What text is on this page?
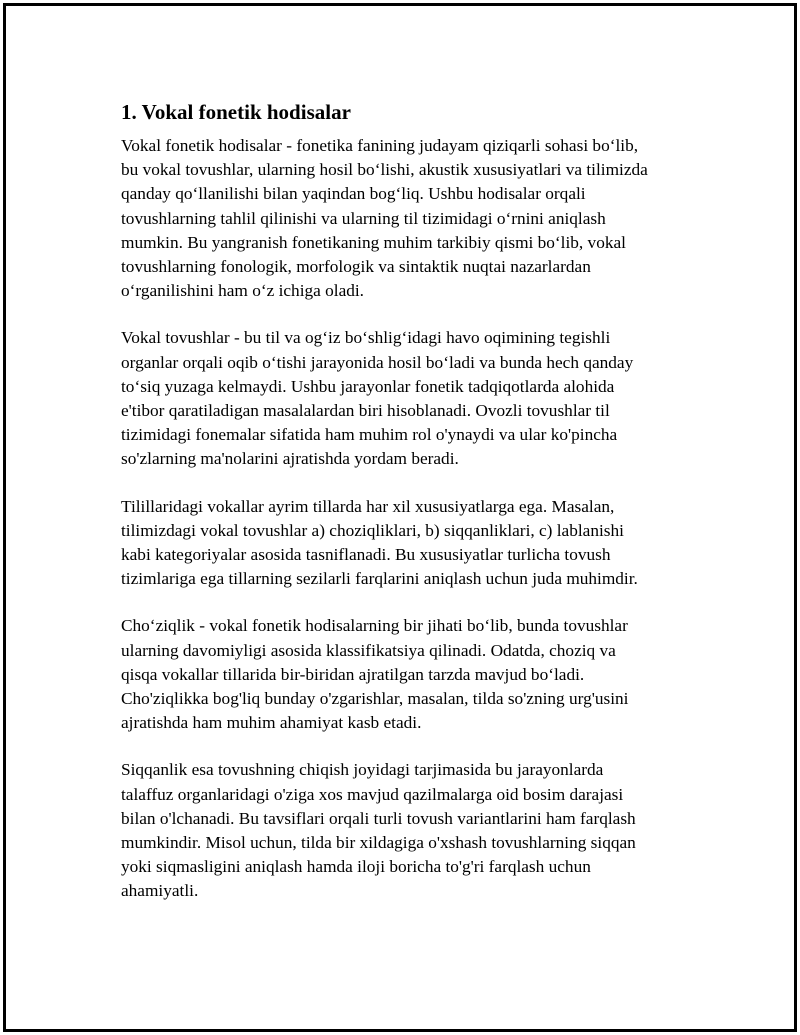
1. Vokal fonetik hodisalar

Vokal fonetik hodisalar - fonetika fanining judayam qiziqarli sohasi bo‘lib,
bu vokal tovushlar, ularning hosil bo‘lishi, akustik xususiyatlari va tilimizda
qanday qo‘llanilishi bilan yaqindan bog‘liq. Ushbu hodisalar orqali
tovushlarning tahlil qilinishi va ularning til tizimidagi o‘rnini aniqlash
mumkin. Bu yangranish fonetikaning muhim tarkibiy qismi bo‘lib, vokal
tovushlarning fonologik, morfologik va sintaktik nuqtai nazarlardan
o‘rganilishini ham o‘z ichiga oladi.

Vokal tovushlar - bu til va og‘iz bo‘shlig‘idagi havo oqimining tegishli
organlar orqali oqib o‘tishi jarayonida hosil bo‘ladi va bunda hech qanday
to‘siq yuzaga kelmaydi. Ushbu jarayonlar fonetik tadqiqotlarda alohida
e'tibor qaratiladigan masalalardan biri hisoblanadi. Ovozli tovushlar til
tizimidagi fonemalar sifatida ham muhim rol o'ynaydi va ular ko'pincha
so'zlarning ma'nolarini ajratishda yordam beradi.

Tilillaridagi vokallar ayrim tillarda har xil xususiyatlarga ega. Masalan,
tilimizdagi vokal tovushlar a) choziqliklari, b) siqqanliklari, c) lablanishi
kabi kategoriyalar asosida tasniflanadi. Bu xususiyatlar turlicha tovush
tizimlariga ega tillarning sezilarli farqlarini aniqlash uchun juda muhimdir.

Cho‘ziqlik - vokal fonetik hodisalarning bir jihati bo‘lib, bunda tovushlar
ularning davomiyligi asosida klassifikatsiya qilinadi. Odatda, choziq va
qisqa vokallar tillarida bir-biridan ajratilgan tarzda mavjud bo‘ladi.
Cho'ziqlikka bog'liq bunday o'zgarishlar, masalan, tilda so'zning urg'usini
ajratishda ham muhim ahamiyat kasb etadi.

Siqqanlik esa tovushning chiqish joyidagi tarjimasida bu jarayonlarda
talaffuz organlaridagi o'ziga xos mavjud qazilmalarga oid bosim darajasi
bilan o'lchanadi. Bu tavsiflari orqali turli tovush variantlarini ham farqlash
mumkindir. Misol uchun, tilda bir xildagiga o'xshash tovushlarning siqqan
yoki siqmasligini aniqlash hamda iloji boricha to'g'ri farqlash uchun
ahamiyatli.
